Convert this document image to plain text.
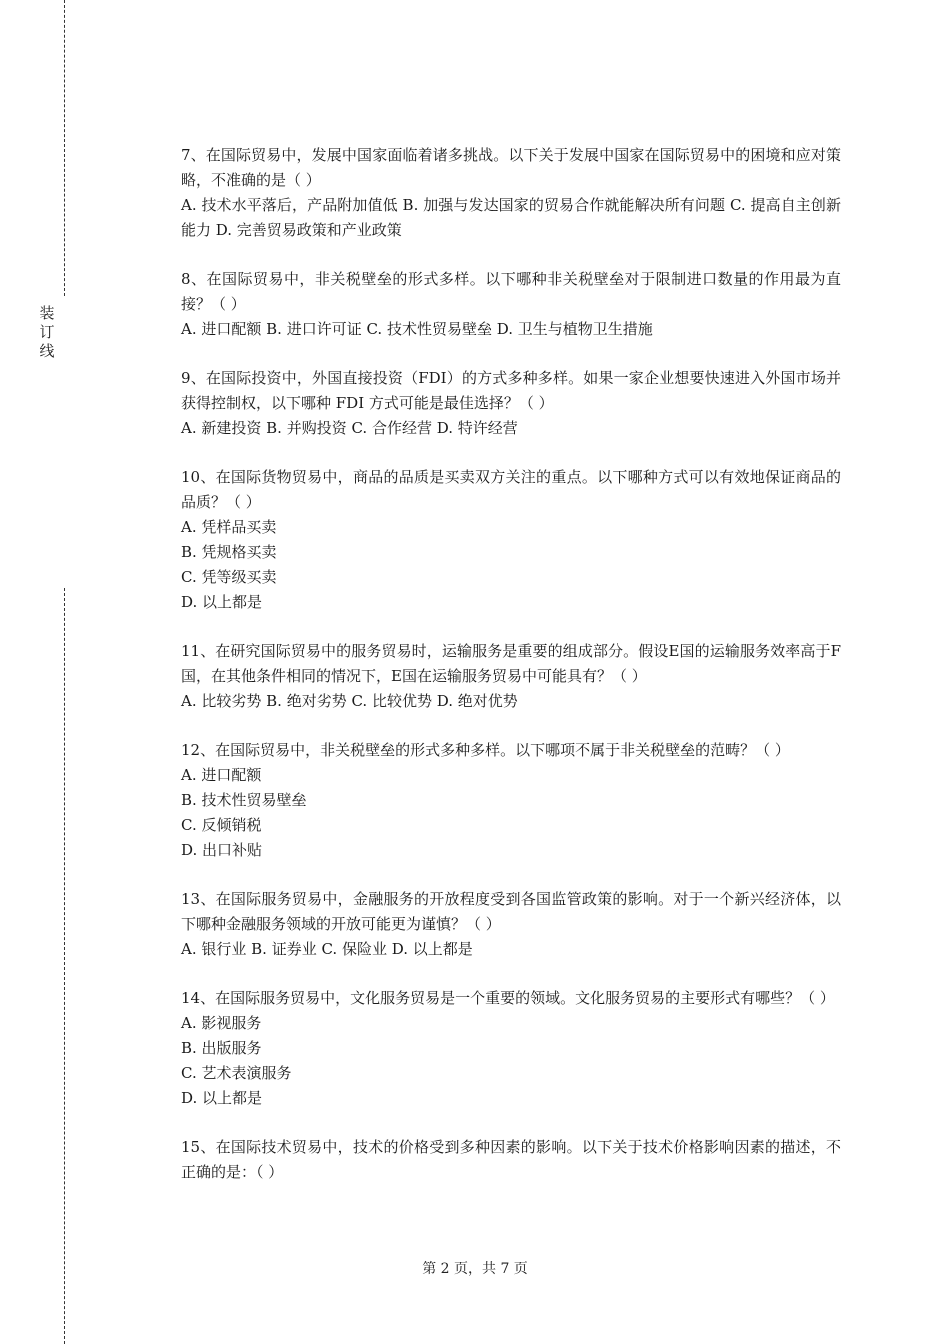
装
订
线

7、在国际贸易中，发展中国家面临着诸多挑战。以下关于发展中国家在国际贸易中的困境和应对策略，不准确的是（ ）

A. 技术水平落后，产品附加值低 B. 加强与发达国家的贸易合作就能解决所有问题 C. 提高自主创新能力 D. 完善贸易政策和产业政策

8、在国际贸易中，非关税壁垒的形式多样。以下哪种非关税壁垒对于限制进口数量的作用最为直接？（ ）

A. 进口配额 B. 进口许可证 C. 技术性贸易壁垒 D. 卫生与植物卫生措施

9、在国际投资中，外国直接投资（FDI）的方式多种多样。如果一家企业想要快速进入外国市场并获得控制权，以下哪种 FDI 方式可能是最佳选择？（ ）

A. 新建投资 B. 并购投资 C. 合作经营 D. 特许经营

10、在国际货物贸易中，商品的品质是买卖双方关注的重点。以下哪种方式可以有效地保证商品的品质？（ ）

A. 凭样品买卖
B. 凭规格买卖
C. 凭等级买卖
D. 以上都是

11、在研究国际贸易中的服务贸易时，运输服务是重要的组成部分。假设E国的运输服务效率高于F国，在其他条件相同的情况下，E国在运输服务贸易中可能具有？（ ）

A. 比较劣势 B. 绝对劣势 C. 比较优势 D. 绝对优势

12、在国际贸易中，非关税壁垒的形式多种多样。以下哪项不属于非关税壁垒的范畴？（ ）

A. 进口配额
B. 技术性贸易壁垒
C. 反倾销税
D. 出口补贴

13、在国际服务贸易中，金融服务的开放程度受到各国监管政策的影响。对于一个新兴经济体，以下哪种金融服务领域的开放可能更为谨慎？（ ）

A. 银行业 B. 证券业 C. 保险业 D. 以上都是

14、在国际服务贸易中，文化服务贸易是一个重要的领域。文化服务贸易的主要形式有哪些？（ ）

A. 影视服务
B. 出版服务
C. 艺术表演服务
D. 以上都是

15、在国际技术贸易中，技术的价格受到多种因素的影响。以下关于技术价格影响因素的描述，不正确的是：（ ）

第 2 页，共 7 页
